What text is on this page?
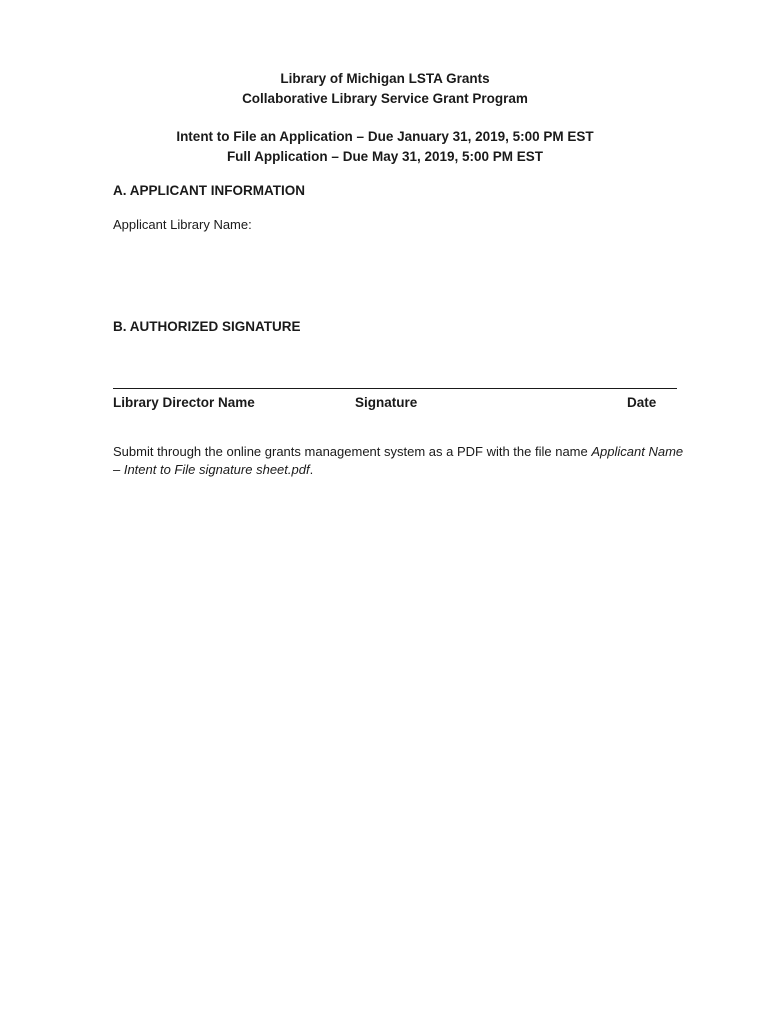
Library of Michigan LSTA Grants
Collaborative Library Service Grant Program
Intent to File an Application – Due January 31, 2019, 5:00 PM EST
Full Application – Due May 31, 2019, 5:00 PM EST
A. APPLICANT INFORMATION
Applicant Library Name:
B. AUTHORIZED SIGNATURE
Library Director Name	Signature	Date
Submit through the online grants management system as a PDF with the file name Applicant Name – Intent to File signature sheet.pdf.
